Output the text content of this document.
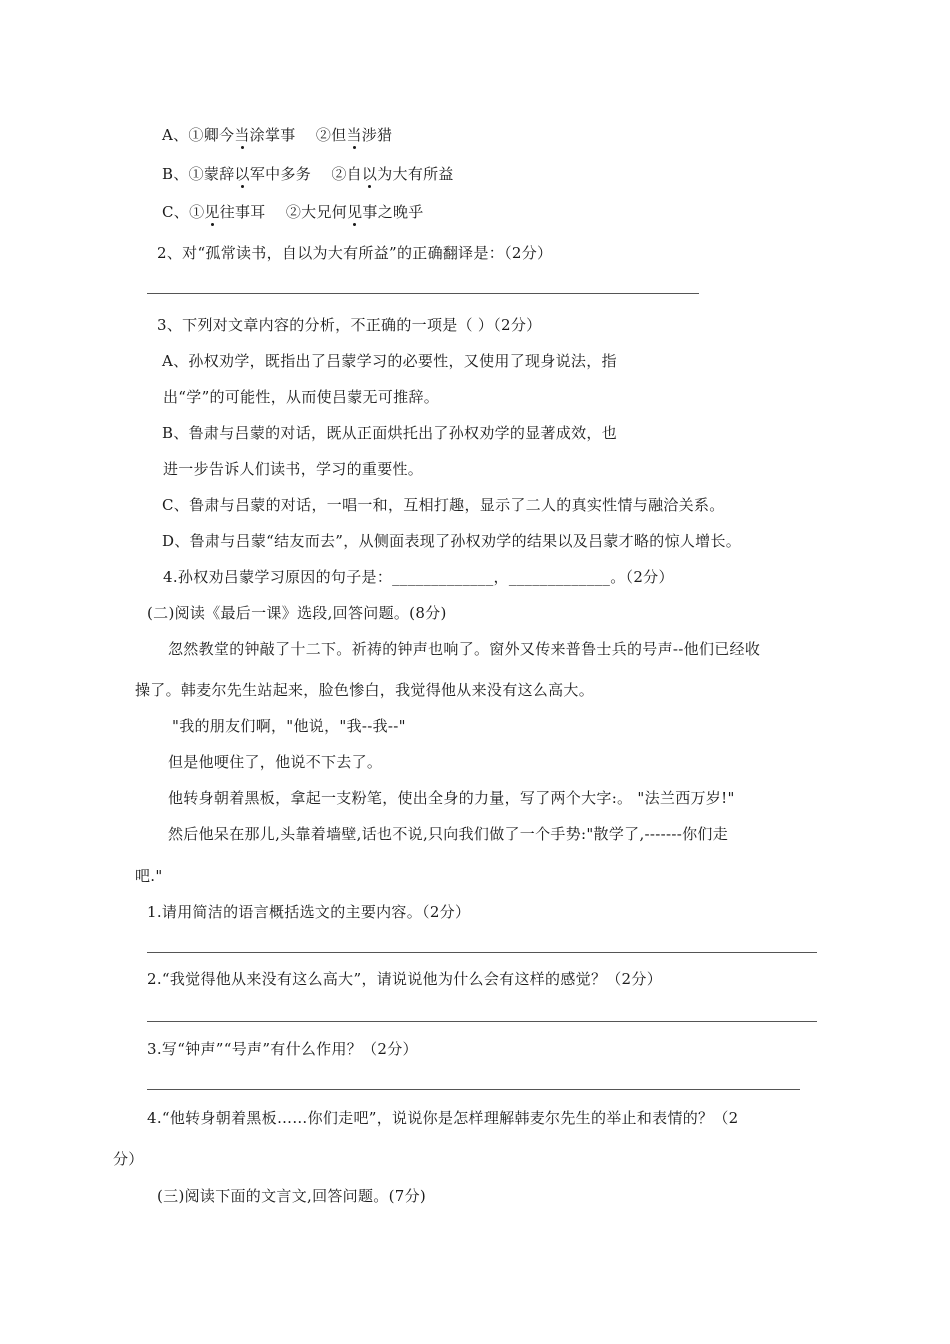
A、①卿今当涂掌事    ②但当涉猎
B、①蒙辞以军中多务    ②自以为大有所益
C、①见往事耳    ②大兄何见事之晚乎
2、对“孤常读书，自以为大有所益”的正确翻译是：（2分）
3、下列对文章内容的分析，不正确的一项是（ ）（2分）
A、孙权劝学，既指出了吕蒙学习的必要性，又使用了现身说法，指
出“学”的可能性，从而使吕蒙无可推辞。
B、鲁肃与吕蒙的对话，既从正面烘托出了孙权劝学的显著成效，也
进一步告诉人们读书，学习的重要性。
C、鲁肃与吕蒙的对话，一唱一和，互相打趣，显示了二人的真实性情与融洽关系。
D、鲁肃与吕蒙“结友而去”，从侧面表现了孙权劝学的结果以及吕蒙才略的惊人增长。
4.孙权劝吕蒙学习原因的句子是：_____________，_____________。（2分）
(二)阅读《最后一课》选段,回答问题。(8分)
忽然教堂的钟敲了十二下。祈祷的钟声也响了。窗外又传来普鲁士兵的号声--他们已经收
操了。韩麦尔先生站起来，脸色惨白，我觉得他从来没有这么高大。
"我的朋友们啊，"他说，"我--我--"
但是他哽住了，他说不下去了。
他转身朝着黑板，拿起一支粉笔，使出全身的力量，写了两个大字:。 "法兰西万岁!"
然后他呆在那儿,头靠着墙壁,话也不说,只向我们做了一个手势:"散学了,-------你们走
吧."
1.请用简洁的语言概括选文的主要内容。（2分）
2.“我觉得他从来没有这么高大”，请说说他为什么会有这样的感觉？（2分）
3.写“钟声”“号声”有什么作用？（2分）
4.“他转身朝着黑板……你们走吧”，说说你是怎样理解韩麦尔先生的举止和表情的？（2
分）
(三)阅读下面的文言文,回答问题。(7分)
